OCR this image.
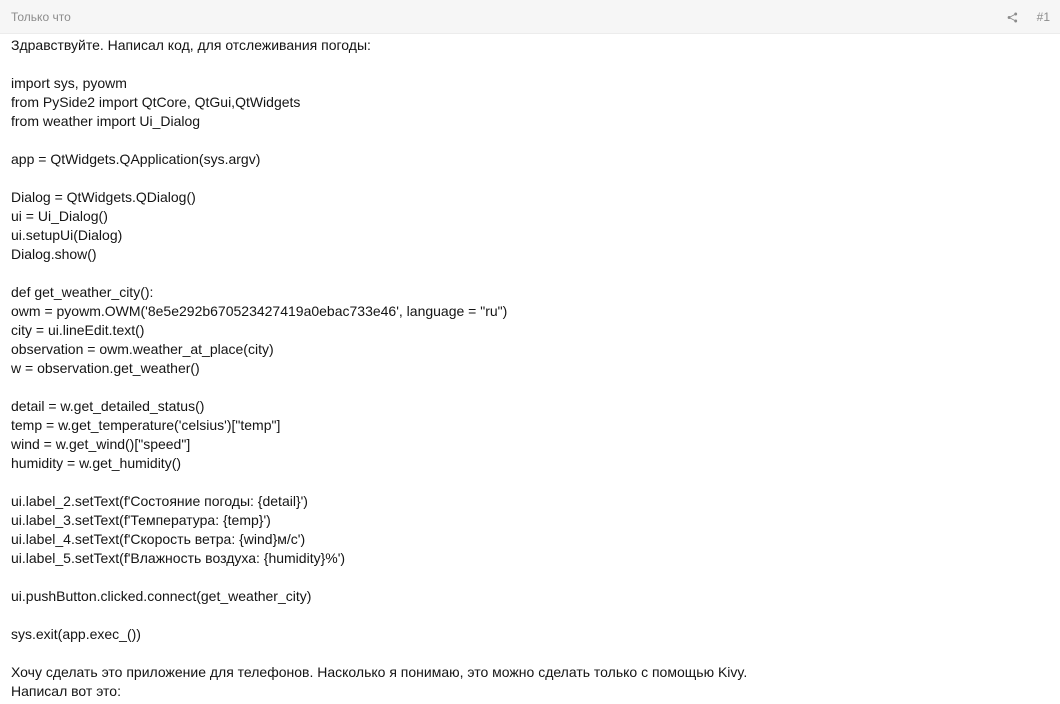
Только что	#1
Здравствуйте. Написал код, для отслеживания погоды:
import sys, pyowm
from PySide2 import QtCore, QtGui,QtWidgets
from weather import Ui_Dialog
app = QtWidgets.QApplication(sys.argv)
Dialog = QtWidgets.QDialog()
ui = Ui_Dialog()
ui.setupUi(Dialog)
Dialog.show()
def get_weather_city():
owm = pyowm.OWM('8e5e292b670523427419a0ebac733e46', language = "ru")
city = ui.lineEdit.text()
observation = owm.weather_at_place(city)
w = observation.get_weather()
detail = w.get_detailed_status()
temp = w.get_temperature('celsius')["temp"]
wind = w.get_wind()["speed"]
humidity = w.get_humidity()
ui.label_2.setText(f'Состояние погоды: {detail}')
ui.label_3.setText(f'Температура: {temp}')
ui.label_4.setText(f'Скорость ветра: {wind}м/с')
ui.label_5.setText(f'Влажность воздуха: {humidity}%')
ui.pushButton.clicked.connect(get_weather_city)
sys.exit(app.exec_())
Хочу сделать это приложение для телефонов. Насколько я понимаю, это можно сделать только с помощью Kivy.
Написал вот это:
